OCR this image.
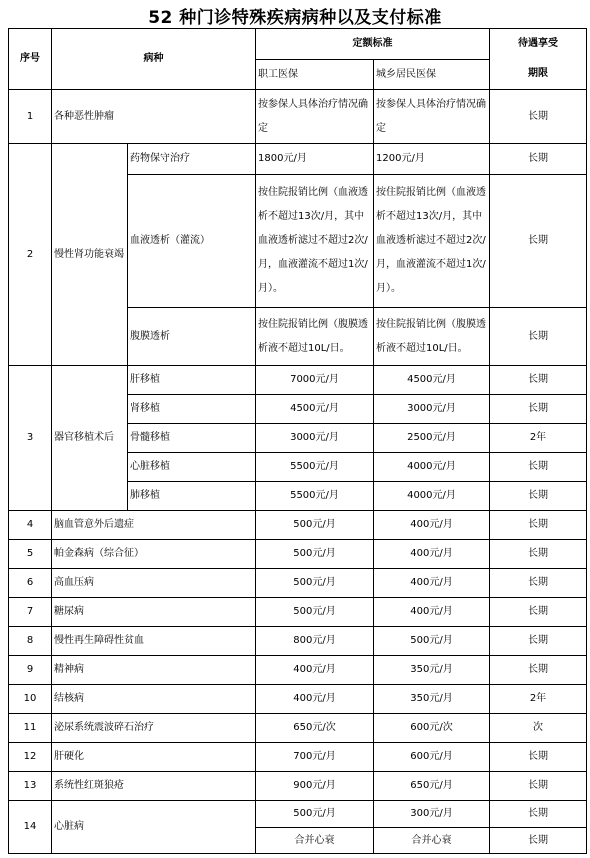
52 种门诊特殊疾病病种以及支付标准
序号	病种		定额标准		待遇享受
期限
			职工医保	城乡居民医保	
1	各种恶性肿瘤		按参保人具体治疗情况确定	按参保人具体治疗情况确定	长期
2	慢性肾功能衰竭	药物保守治疗	1800元/月	1200元/月	长期
		血液透析（灌流）	按住院报销比例（血液透析不超过13次/月，其中血液透析滤过不超过2次/月，血液灌流不超过1次/月）。	按住院报销比例（血液透析不超过13次/月，其中血液透析滤过不超过2次/月，血液灌流不超过1次/月）。	长期
		腹膜透析	按住院报销比例（腹膜透析液不超过10L/日。	按住院报销比例（腹膜透析液不超过10L/日。	长期
3	器官移植术后	肝移植	7000元/月	4500元/月	长期
		肾移植	4500元/月	3000元/月	长期
		骨髓移植	3000元/月	2500元/月	2年
		心脏移植	5500元/月	4000元/月	长期
		肺移植	5500元/月	4000元/月	长期
4	脑血管意外后遗症		500元/月	400元/月	长期
5	帕金森病（综合征）		500元/月	400元/月	长期
6	高血压病		500元/月	400元/月	长期
7	糖尿病		500元/月	400元/月	长期
8	慢性再生障碍性贫血		800元/月	500元/月	长期
9	精神病		400元/月	350元/月	长期
10	结核病		400元/月	350元/月	2年
11	泌尿系统震波碎石治疗		650元/次	600元/次	次
12	肝硬化		700元/月	600元/月	长期
13	系统性红斑狼疮		900元/月	650元/月	长期
14	心脏病		500元/月	300元/月	长期
			合并心衰	合并心衰	长期
